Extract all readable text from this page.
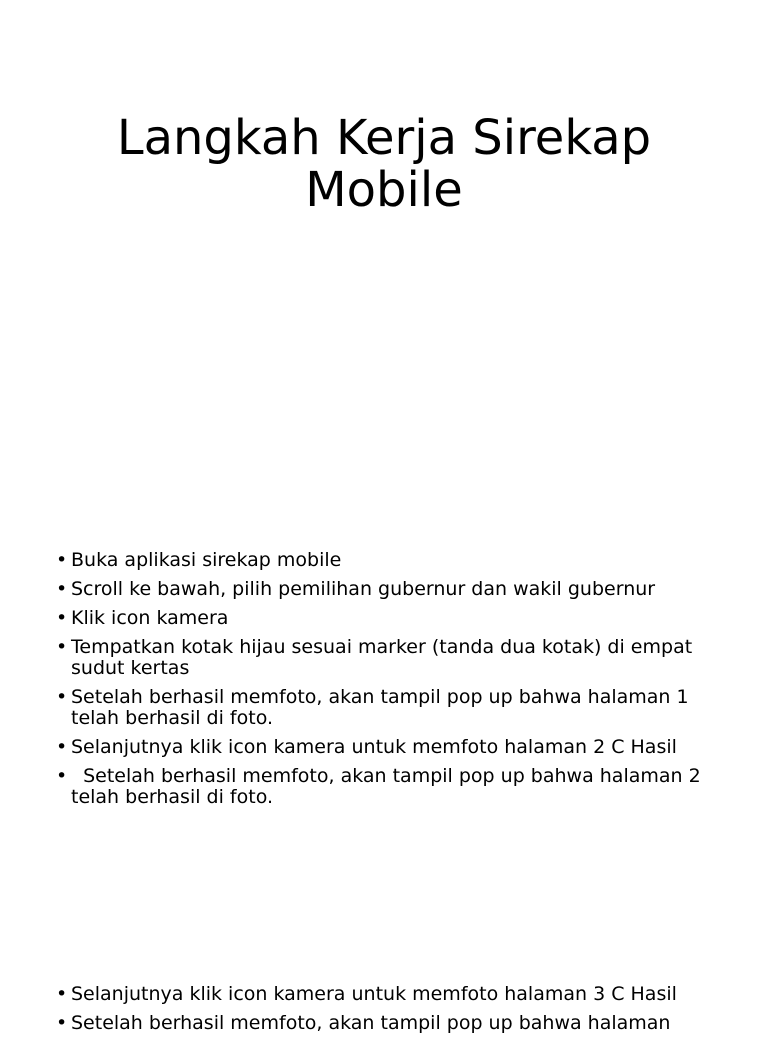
Langkah Kerja Sirekap
Mobile
• Buka aplikasi sirekap mobile
• Scroll ke bawah, pilih pemilihan gubernur dan wakil gubernur
• Klik icon kamera
• Tempatkan kotak hijau sesuai marker (tanda dua kotak) di empat sudut kertas
• Setelah berhasil memfoto, akan tampil pop up bahwa halaman 1 telah berhasil di foto.
• Selanjutnya klik icon kamera untuk memfoto halaman 2 C Hasil
•   Setelah berhasil memfoto, akan tampil pop up bahwa halaman 2 telah berhasil di foto.
• Selanjutnya klik icon kamera untuk memfoto halaman 3 C Hasil
• Setelah berhasil memfoto, akan tampil pop up bahwa halaman
